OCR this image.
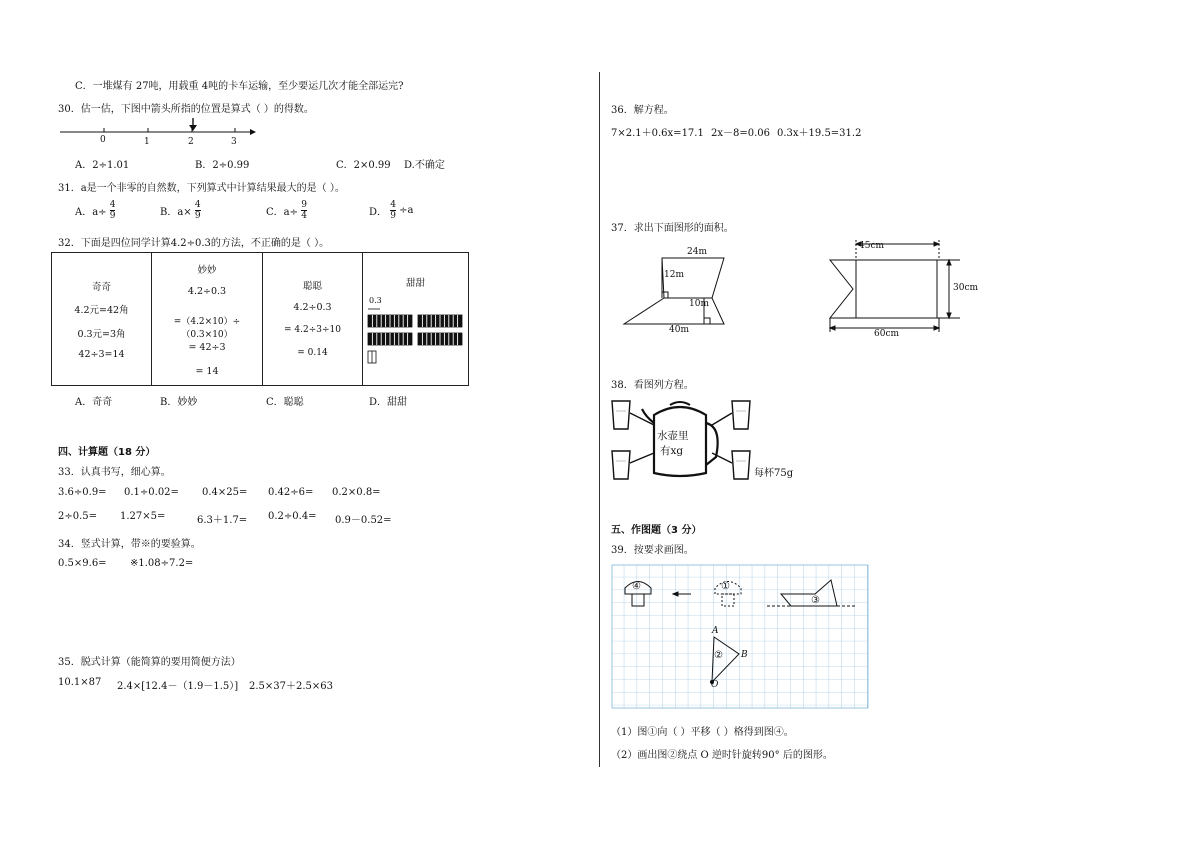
C．一堆煤有 27吨，用载重 4吨的卡车运输，至少要运几次才能全部运完?
30．估一估，下图中箭头所指的位置是算式（ ）的得数。
0	1	2	3
A．2÷1.01	B．2÷0.99	C．2×0.99 D.不确定
31．a是一个非零的自然数，下列算式中计算结果最大的是（ ）。
A．$a\div \frac{4}{9}$	B．$a\times \frac{4}{9}$	C．$a\div \frac{9}{4}$	D． $\frac{4}{9} \div a$
32．下面是四位同学计算4.2÷0.3的方法，不正确的是（ ）。
奇奇
4.2元=42角
0.3元=3角
42÷3=14

妙妙
4.2÷0.3
=（4.2×10）÷（0.3×10）
= 42÷3
= 14

聪聪
4.2÷0.3
= 4.2÷3÷10
= 0.14

甜甜
0.3
A．奇奇	B．妙妙	C．聪聪	D．甜甜
四、计算题（18 分）
33．认真书写，细心算。
3.6÷0.9= 0.1÷0.02= 0.4×25= 0.42÷6= 0.2×0.8=
2÷0.5= 1.27×5=	6.3＋1.7= 0.2÷0.4= 0.9－0.52=
34．竖式计算，带※的要验算。
0.5×9.6= ※1.08÷7.2=
35．脱式计算（能简算的要用简便方法）
10.1×87 2.4×[12.4－（1.9－1.5）] 2.5×37＋2.5×63
36．解方程。
7×2.1＋0.6x=17.1 2x－8=0.06 0.3x＋19.5=31.2
37．求出下面图形的面积。
24m
12m
10m
40m
45cm
30cm
60cm
38．看图列方程。
水壶里
有xg
每杯75g
五、作图题（3 分）
39．按要求画图。
④	①
③
②
A
B
O
（1）图①向（ ）平移（ ）格得到图④。
（2）画出图②绕点 O 逆时针旋转90° 后的图形。
